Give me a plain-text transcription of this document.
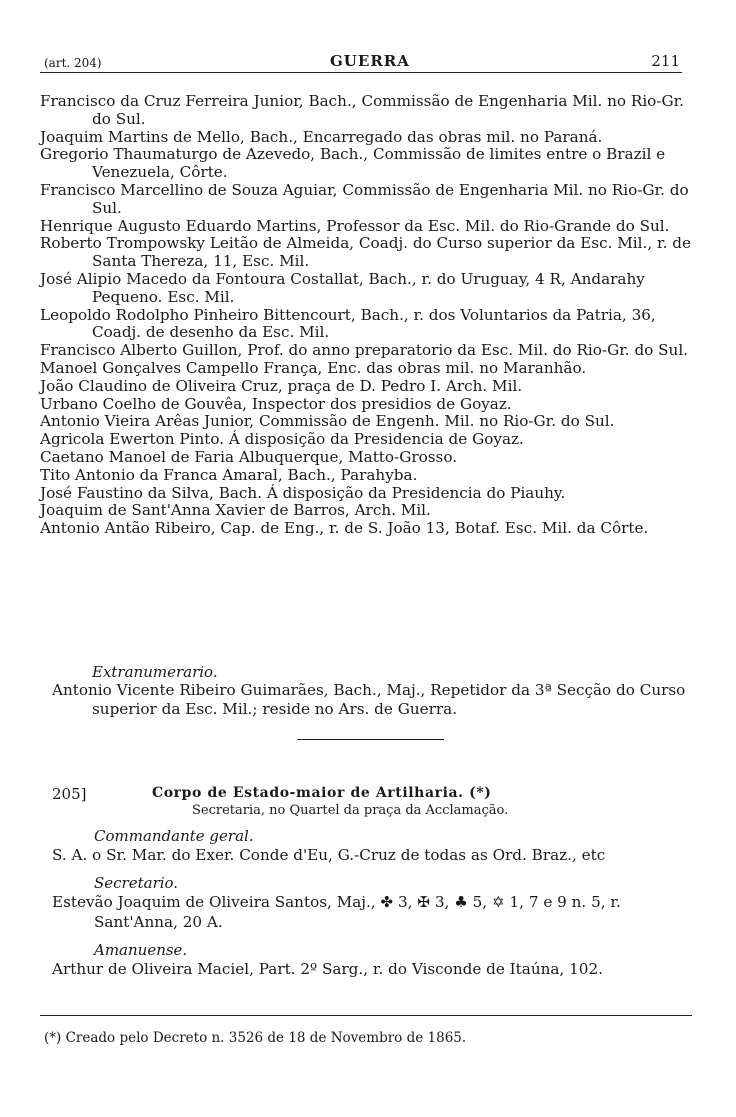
(art. 204)	GUERRA	211
Francisco da Cruz Ferreira Junior, Bach., Commissão de Engenharia Mil. no Rio-Gr. do Sul.
Joaquim Martins de Mello, Bach., Encarregado das obras mil. no Paraná.
Gregorio Thaumaturgo de Azevedo, Bach., Commissão de limites entre o Brazil e Venezuela, Côrte.
Francisco Marcellino de Souza Aguiar, Commissão de Engenharia Mil. no Rio-Gr. do Sul.
Henrique Augusto Eduardo Martins, Professor da Esc. Mil. do Rio-Grande do Sul.
Roberto Trompowsky Leitão de Almeida, Coadj. do Curso superior da Esc. Mil., r. de Santa Thereza, 11, Esc. Mil.
José Alipio Macedo da Fontoura Costallat, Bach., r. do Uruguay, 4 R, Andarahy Pequeno. Esc. Mil.
Leopoldo Rodolpho Pinheiro Bittencourt, Bach., r. dos Voluntarios da Patria, 36, Coadj. de desenho da Esc. Mil.
Francisco Alberto Guillon, Prof. do anno preparatorio da Esc. Mil. do Rio-Gr. do Sul.
Manoel Gonçalves Campello França, Enc. das obras mil. no Maranhão.
João Claudino de Oliveira Cruz, praça de D. Pedro I. Arch. Mil.
Urbano Coelho de Gouvêa, Inspector dos presidios de Goyaz.
Antonio Vieira Arêas Junior, Commissão de Engenh. Mil. no Rio-Gr. do Sul.
Agricola Ewerton Pinto. Á disposição da Presidencia de Goyaz.
Caetano Manoel de Faria Albuquerque, Matto-Grosso.
Tito Antonio da Franca Amaral, Bach., Parahyba.
José Faustino da Silva, Bach. Á disposição da Presidencia do Piauhy.
Joaquim de Sant'Anna Xavier de Barros, Arch. Mil.
Antonio Antão Ribeiro, Cap. de Eng., r. de S. João 13, Botaf. Esc. Mil. da Côrte.
Extranumerario.
Antonio Vicente Ribeiro Guimarães, Bach., Maj., Repetidor da 3ª Secção do Curso superior da Esc. Mil.; reside no Ars. de Guerra.
205]	Corpo de Estado-maior de Artilharia. (*)
Secretaria, no Quartel da praça da Acclamação.
Commandante geral.
S. A. o Sr. Mar. do Exer. Conde d'Eu, G.-Cruz de todas as Ord. Braz., etc
Secretario.
Estevão Joaquim de Oliveira Santos, Maj., ✤ 3, ✠ 3, ♣ 5, ✡ 1, 7 e 9 n. 5, r. Sant'Anna, 20 A.
Amanuense.
Arthur de Oliveira Maciel, Part. 2º Sarg., r. do Visconde de Itaúna, 102.
(*) Creado pelo Decreto n. 3526 de 18 de Novembro de 1865.
